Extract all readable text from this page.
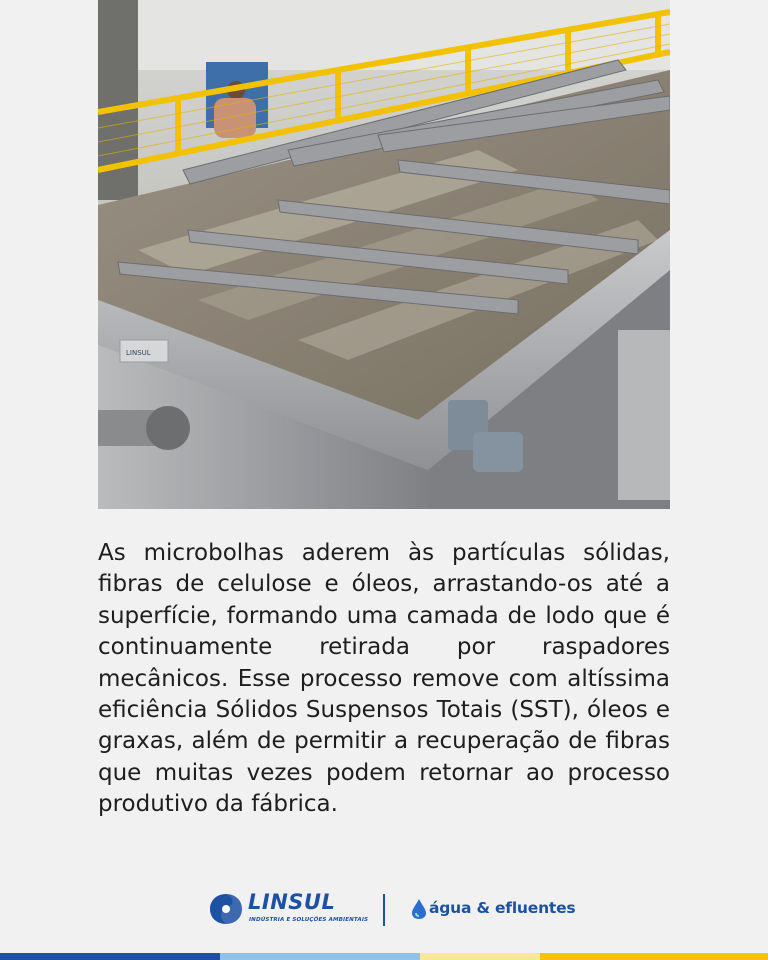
LINSUL

As microbolhas aderem às partículas sólidas, fibras de celulose e óleos, arrastando-os até a superfície, formando uma camada de lodo que é continuamente retirada por raspadores mecânicos. Esse processo remove com altíssima eficiência Sólidos Suspensos Totais (SST), óleos e graxas, além de permitir a recuperação de fibras que muitas vezes podem retornar ao processo produtivo da fábrica.

LINSUL
INDÚSTRIA E SOLUÇÕES AMBIENTAIS
água & efluentes
